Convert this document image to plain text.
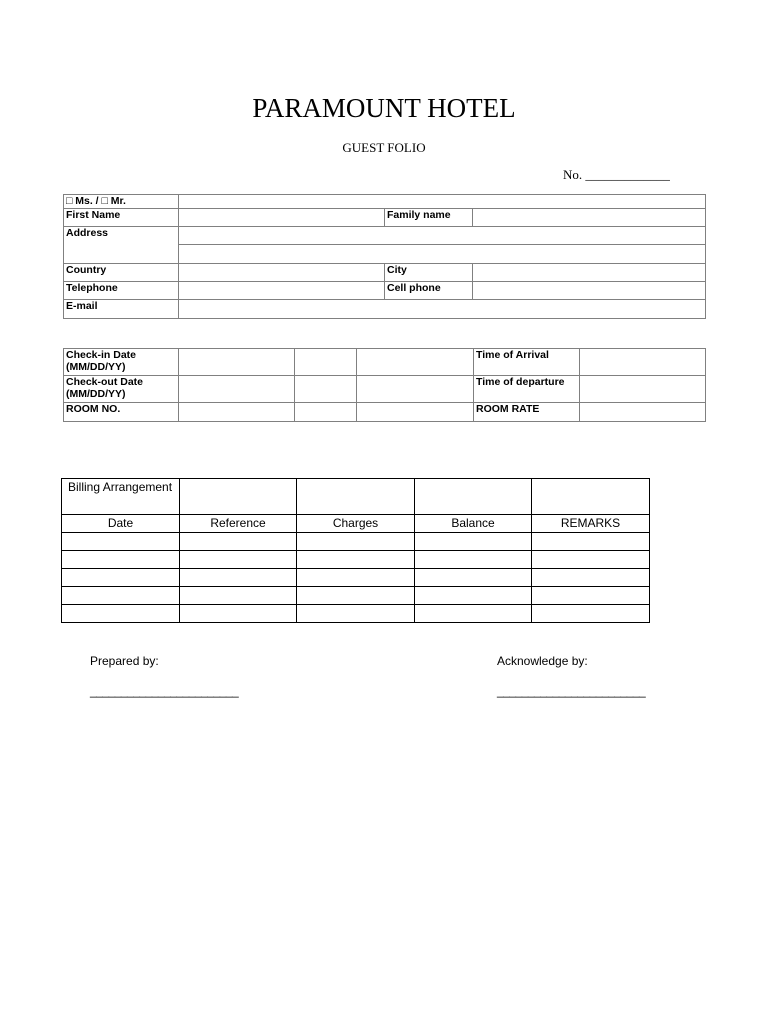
PARAMOUNT HOTEL
GUEST FOLIO
No. _____________
□ Ms. / □ Mr.			
First Name		Family name	
Address			

Country		City	
Telephone		Cell phone	
E-mail			
Check-in Date (MM/DD/YY)				Time of Arrival	
Check-out Date (MM/DD/YY)				Time of departure	
ROOM NO.				ROOM RATE	
Billing Arrangement				
Date	Reference	Charges	Balance	REMARKS

Prepared by:
________________________
Acknowledge by:
________________________
